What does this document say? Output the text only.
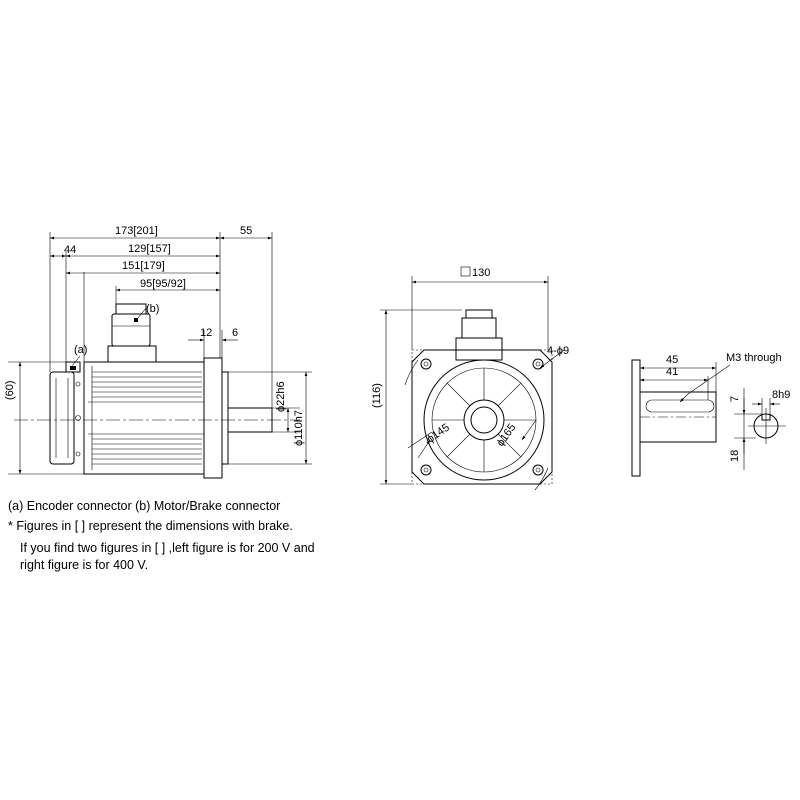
173[201]	55
44	129[157]
151[179]
95[95/92]
12 6
(60)	ϕ22h6
ϕ110h7
(a)
(b)
130
(116)
4-ϕ9
ϕ145	ϕ165
45
41
M3 through
7	8h9
18

(a) Encoder connector (b) Motor/Brake connector

* Figures in [ ] represent the dimensions with brake.

If you find two figures in [ ] ,left figure is for 200 V and

right figure is for 400 V.
